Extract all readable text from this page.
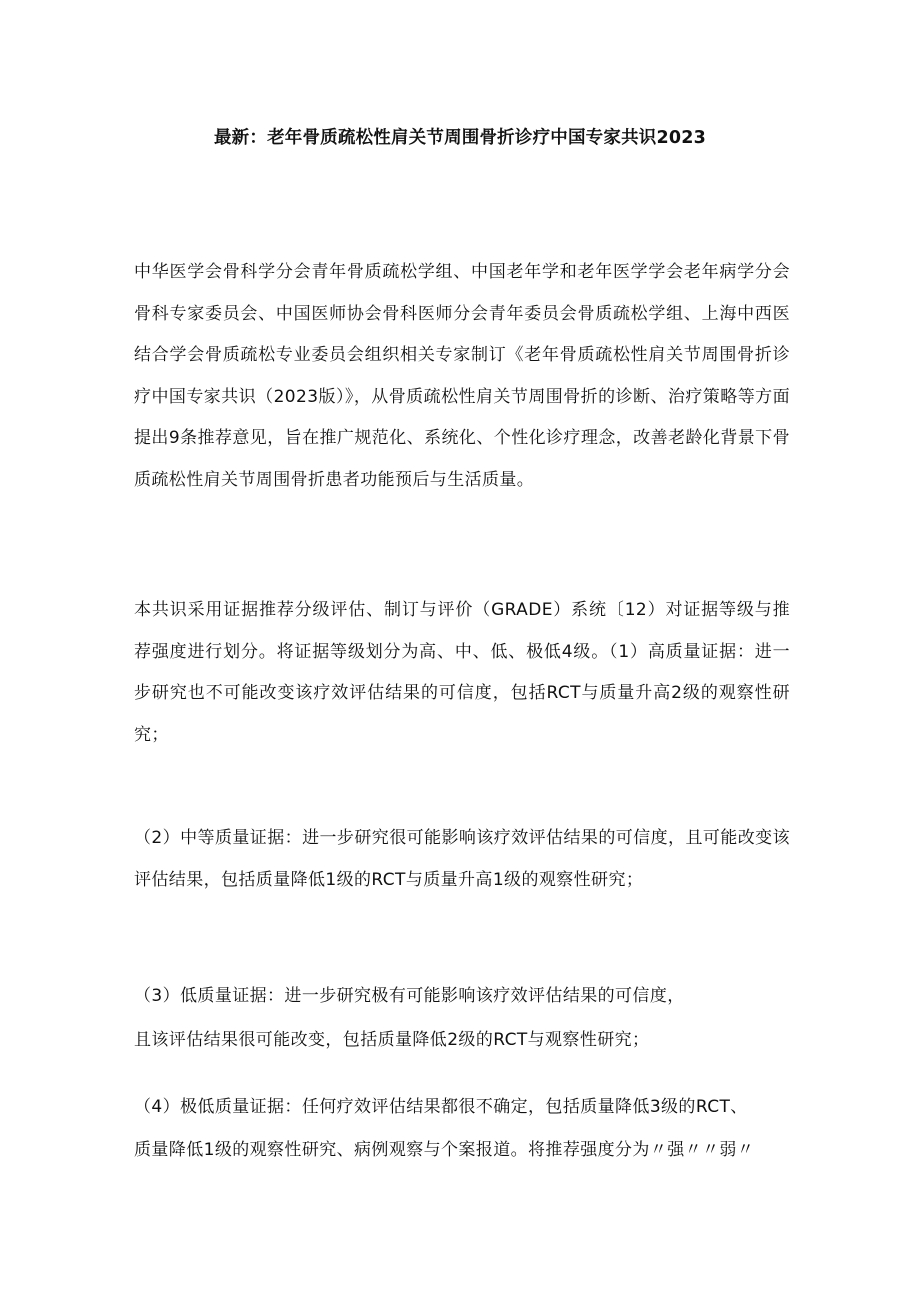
最新：老年骨质疏松性肩关节周围骨折诊疗中国专家共识2023

中华医学会骨科学分会青年骨质疏松学组、中国老年学和老年医学学会老年病学分会骨科专家委员会、中国医师协会骨科医师分会青年委员会骨质疏松学组、上海中西医结合学会骨质疏松专业委员会组织相关专家制订《老年骨质疏松性肩关节周围骨折诊疗中国专家共识（2023版）》，从骨质疏松性肩关节周围骨折的诊断、治疗策略等方面提出9条推荐意见，旨在推广规范化、系统化、个性化诊疗理念，改善老龄化背景下骨质疏松性肩关节周围骨折患者功能预后与生活质量。

本共识采用证据推荐分级评估、制订与评价（GRADE）系统〔12）对证据等级与推荐强度进行划分。将证据等级划分为高、中、低、极低4级。（1）高质量证据：进一步研究也不可能改变该疗效评估结果的可信度，包括RCT与质量升高2级的观察性研究；

（2）中等质量证据：进一步研究很可能影响该疗效评估结果的可信度，且可能改变该评估结果，包括质量降低1级的RCT与质量升高1级的观察性研究；

（3）低质量证据：进一步研究极有可能影响该疗效评估结果的可信度，
且该评估结果很可能改变，包括质量降低2级的RCT与观察性研究；
（4）极低质量证据：任何疗效评估结果都很不确定，包括质量降低3级的RCT、
质量降低1级的观察性研究、病例观察与个案报道。将推荐强度分为〃强〃〃弱〃
